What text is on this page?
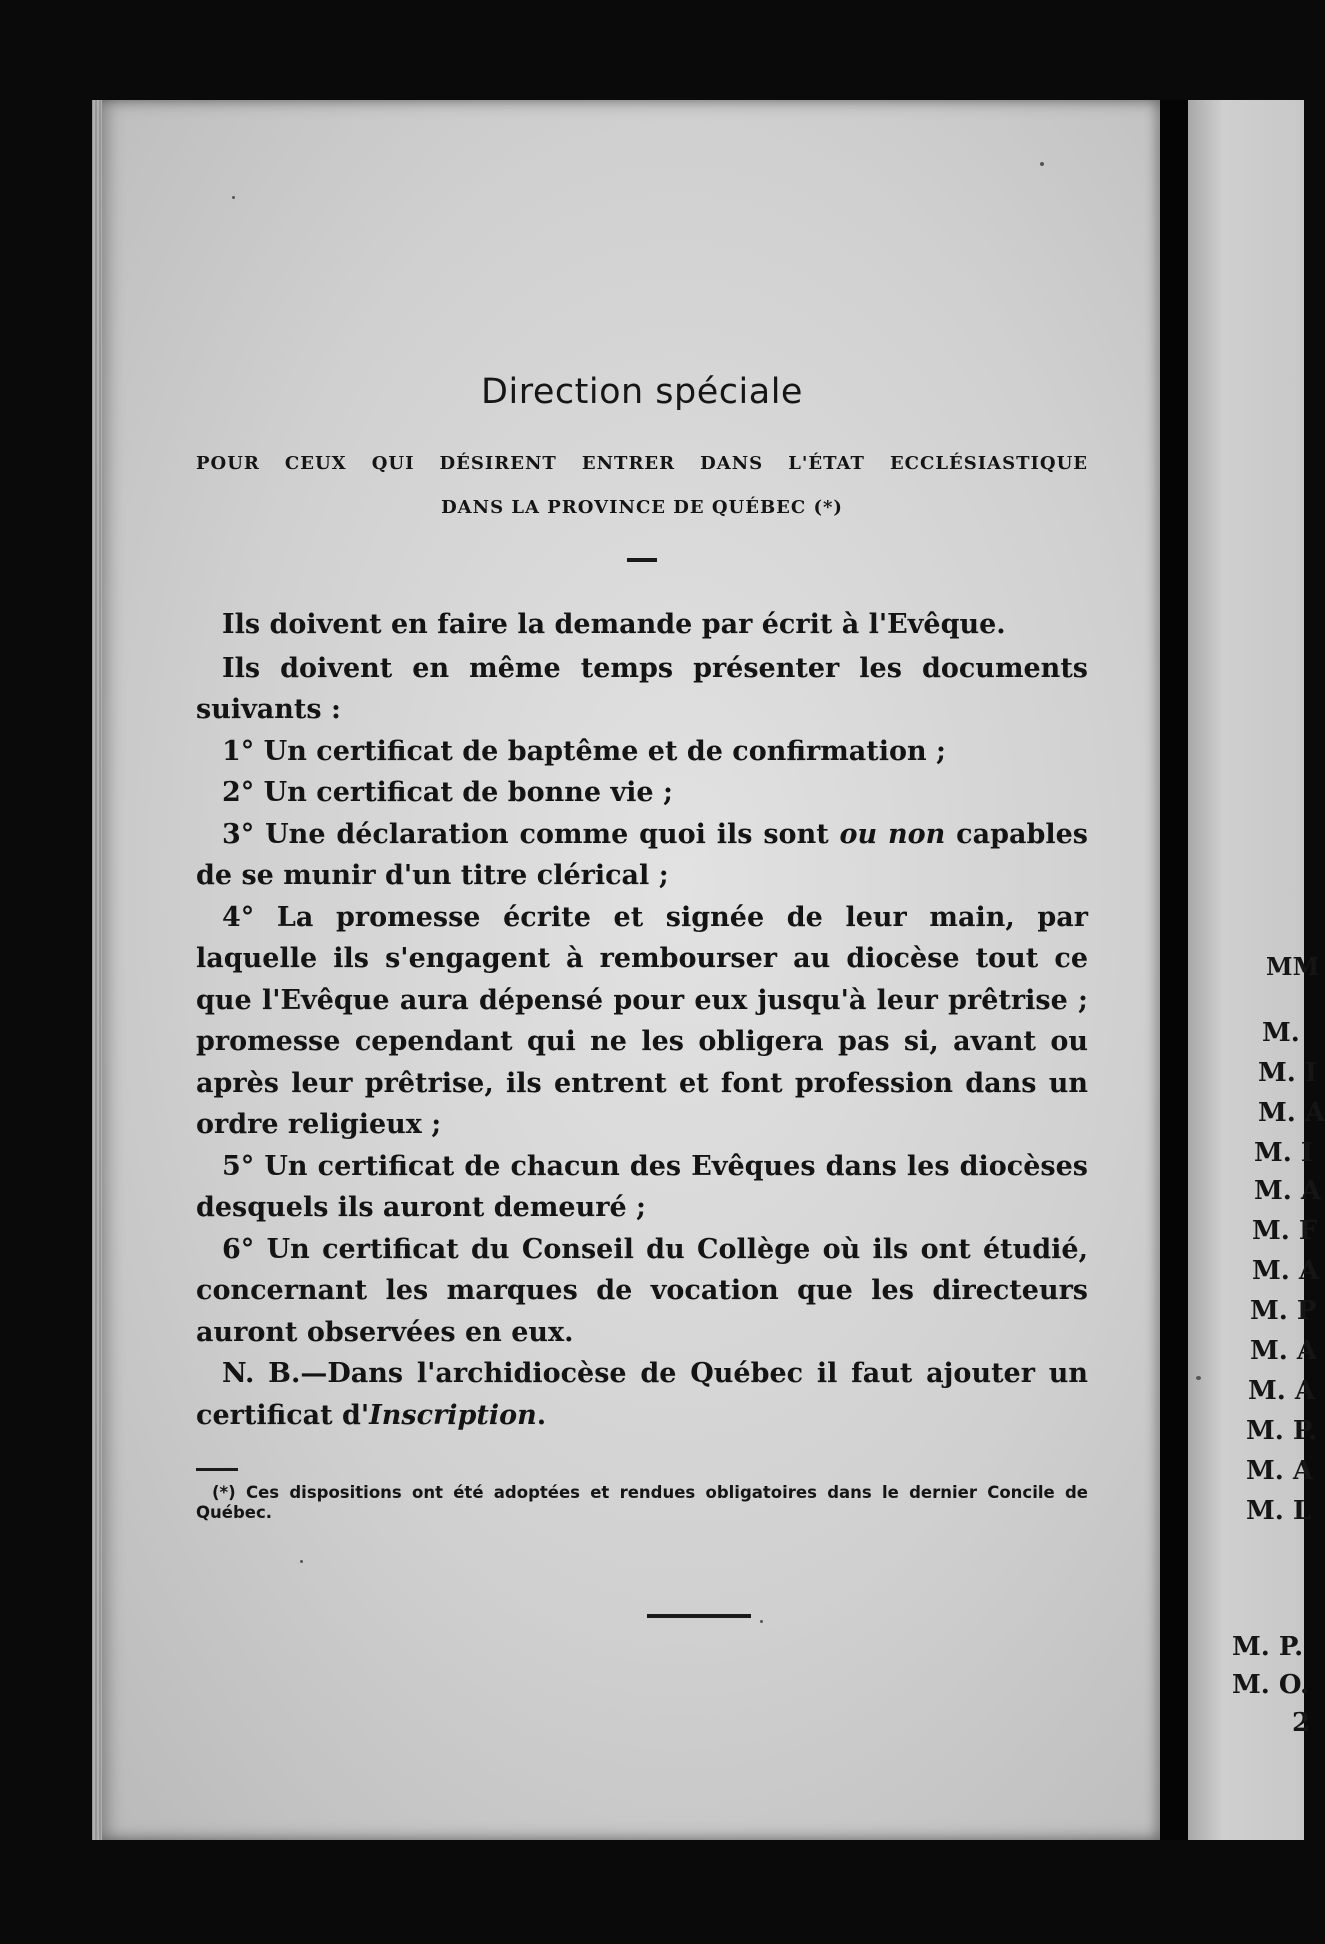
MM
M.
M. I
M. A
M. I
M. A
M. F
M. A
M. P
M. A
M. A
M. P.
M. A
M. L
M. P.
M. O.
2
Direction spéciale
POUR CEUX QUI DÉSIRENT ENTRER DANS L'ÉTAT ECCLÉSIASTIQUE
DANS LA PROVINCE DE QUÉBEC (*)

Ils doivent en faire la demande par écrit à l'Evêque.

Ils doivent en même temps présenter les documents suivants :

1° Un certificat de baptême et de confirmation ;

2° Un certificat de bonne vie ;

3° Une déclaration comme quoi ils sont ou non capables de se munir d'un titre clérical ;

4° La promesse écrite et signée de leur main, par laquelle ils s'engagent à rembourser au diocèse tout ce que l'Evêque aura dépensé pour eux jusqu'à leur prêtrise ; promesse cependant qui ne les obligera pas si, avant ou après leur prêtrise, ils entrent et font profession dans un ordre religieux ;

5° Un certificat de chacun des Evêques dans les diocèses desquels ils auront demeuré ;

6° Un certificat du Conseil du Collège où ils ont étudié, concernant les marques de vocation que les directeurs auront observées en eux.

N. B.—Dans l'archidiocèse de Québec il faut ajouter un certificat d'Inscription.

(*) Ces dispositions ont été adoptées et rendues obligatoires dans le dernier Concile de Québec.
